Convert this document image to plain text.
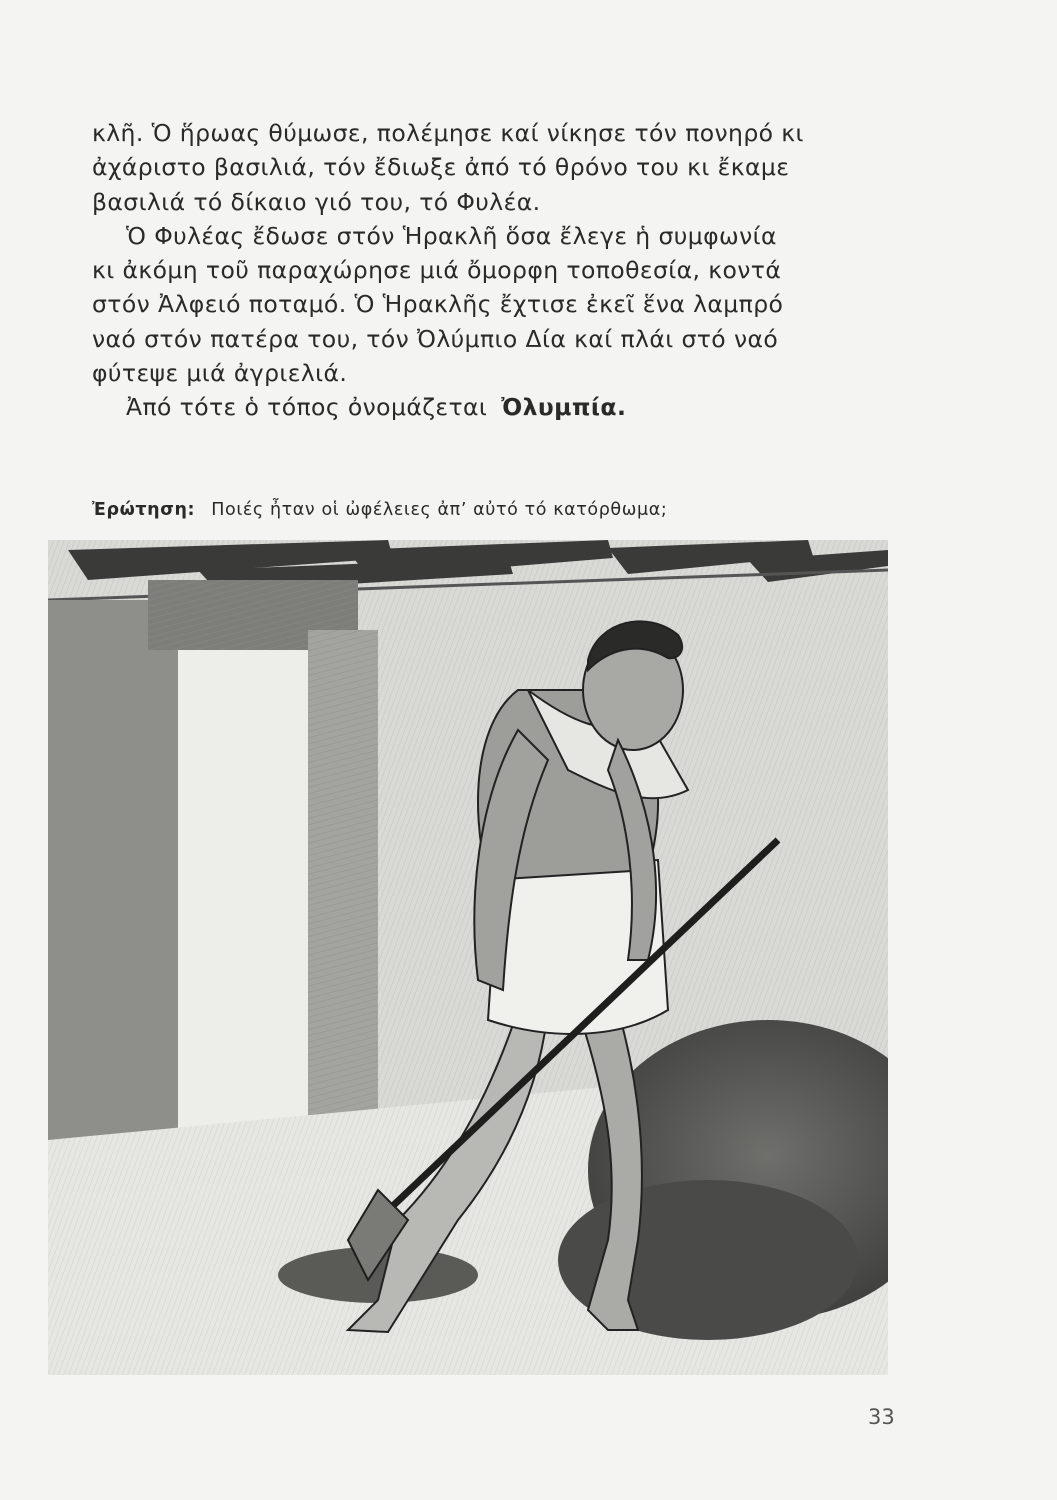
κλῆ. Ὁ ἥρωας θύμωσε, πολέμησε καί νίκησε τόν πονηρό κι
ἀχάριστο βασιλιά, τόν ἔδιωξε ἀπό τό θρόνο του κι ἔκαμε
βασιλιά τό δίκαιο γιό του, τό Φυλέα.
Ὁ Φυλέας ἔδωσε στόν Ἡρακλῆ ὅσα ἔλεγε ἡ συμφωνία
κι ἀκόμη τοῦ παραχώρησε μιά ὄμορφη τοποθεσία, κοντά
στόν Ἀλφειό ποταμό. Ὁ Ἡρακλῆς ἔχτισε ἐκεῖ ἕνα λαμπρό
ναό στόν πατέρα του, τόν Ὀλύμπιο Δία καί πλάι στό ναό
φύτεψε μιά ἀγριελιά.
Ἀπό τότε ὁ τόπος ὀνομάζεται Ὀλυμπία.
Ἐρώτηση: Ποιές ἦταν οἱ ὠφέλειες ἀπ’ αὐτό τό κατόρθωμα;
33
